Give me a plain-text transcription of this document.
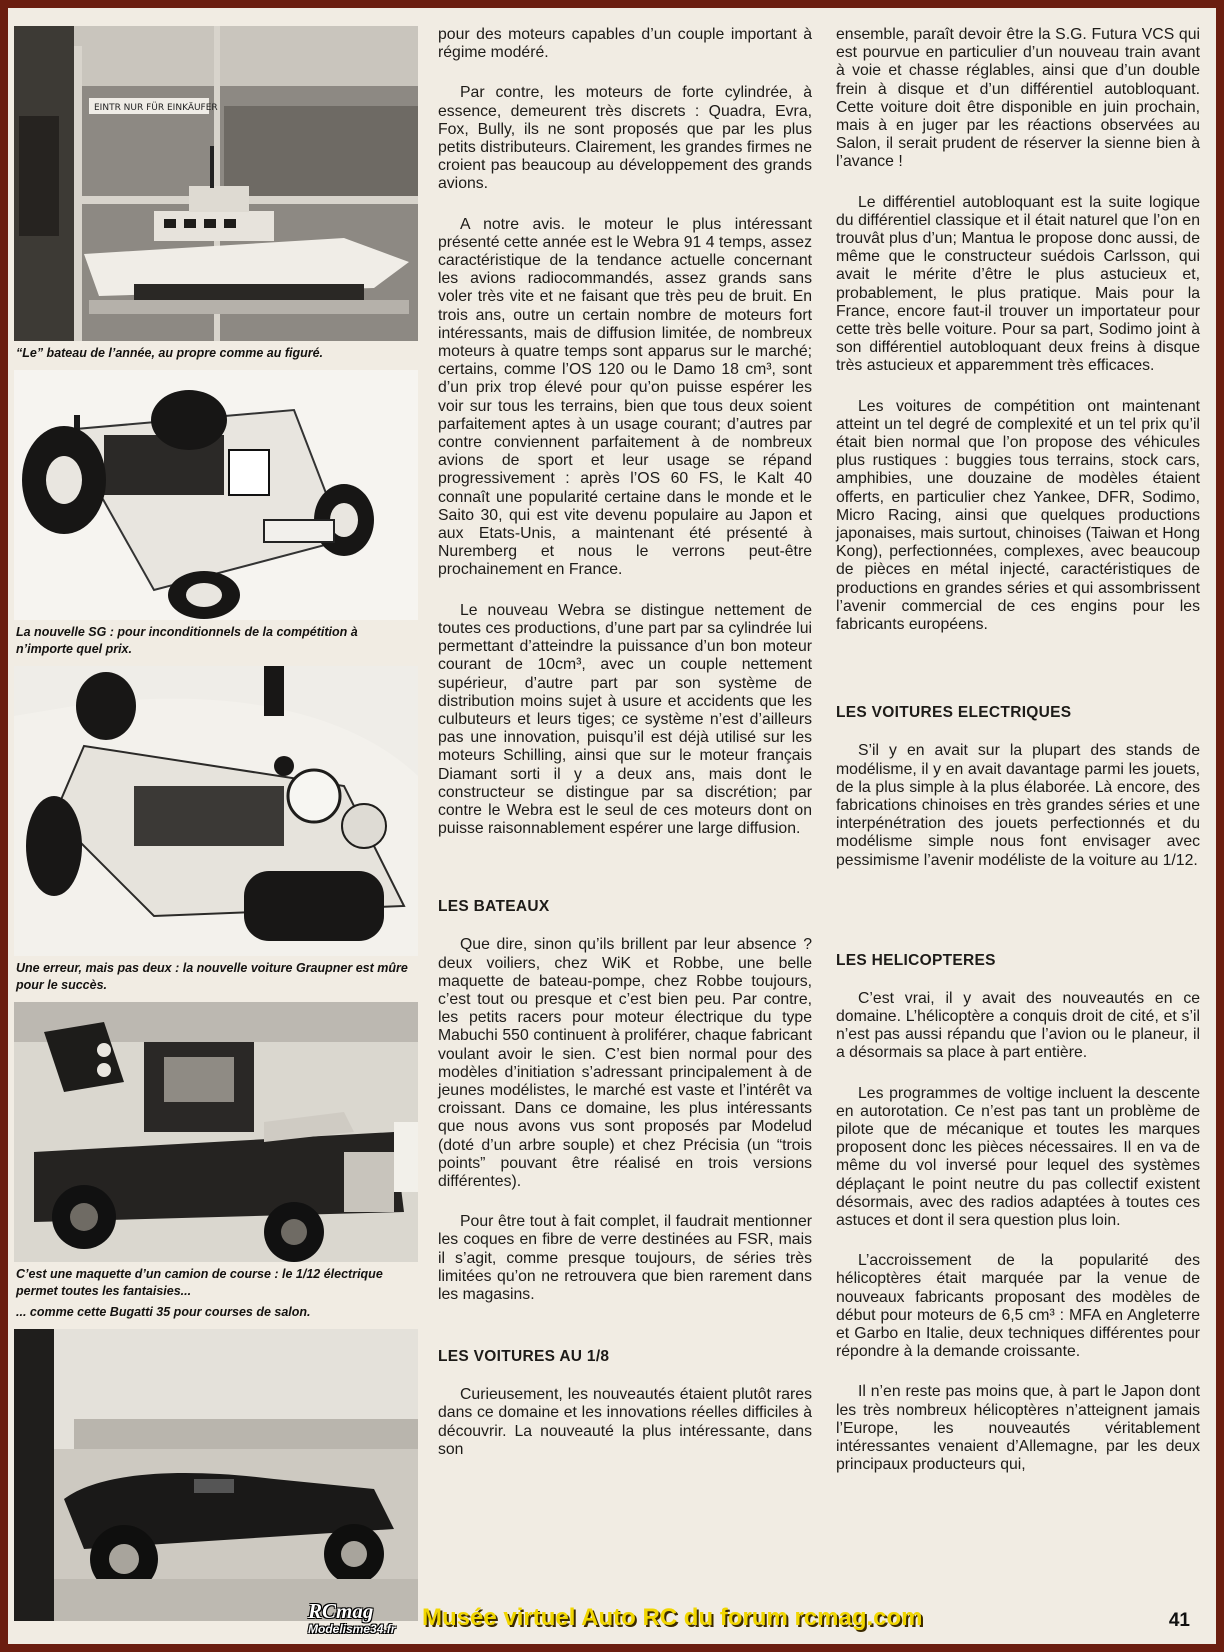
EINTR NUR FÜR EINKÄUFER
“Le” bateau de l’année, au propre comme au figuré.
La nouvelle SG : pour inconditionnels de la compétition à n’importe quel prix.
Une erreur, mais pas deux : la nouvelle voiture Graupner est mûre pour le succès.
C’est une maquette d’un camion de course : le 1/12 électrique permet toutes les fantaisies...
... comme cette Bugatti 35 pour courses de salon.

pour des moteurs capables d’un couple important à régime modéré.

Par contre, les moteurs de forte cylindrée, à essence, demeurent très discrets : Quadra, Evra, Fox, Bully, ils ne sont proposés que par les plus petits distributeurs. Clairement, les grandes firmes ne croient pas beaucoup au développement des grands avions.

A notre avis. le moteur le plus intéressant présenté cette année est le Webra 91 4 temps, assez caractéristique de la tendance actuelle concernant les avions radiocommandés, assez grands sans voler très vite et ne faisant que très peu de bruit. En trois ans, outre un certain nombre de moteurs fort intéressants, mais de diffusion limitée, de nombreux moteurs à quatre temps sont apparus sur le marché; certains, comme l’OS 120 ou le Damo 18 cm³, sont d’un prix trop élevé pour qu’on puisse espérer les voir sur tous les terrains, bien que tous deux soient parfaitement aptes à un usage courant; d’autres par contre conviennent parfaitement à de nombreux avions de sport et leur usage se répand progressivement : après l’OS 60 FS, le Kalt 40 connaît une popularité certaine dans le monde et le Saito 30, qui est vite devenu populaire au Japon et aux Etats-Unis, a maintenant été présenté à Nuremberg et nous le verrons peut-être prochainement en France.

Le nouveau Webra se distingue nettement de toutes ces productions, d’une part par sa cylindrée lui permettant d’atteindre la puissance d’un bon moteur courant de 10cm³, avec un couple nettement supérieur, d’autre part par son système de distribution moins sujet à usure et accidents que les culbuteurs et leurs tiges; ce système n’est d’ailleurs pas une innovation, puisqu’il est déjà utilisé sur les moteurs Schilling, ainsi que sur le moteur français Diamant sorti il y a deux ans, mais dont le constructeur se distingue par sa discrétion; par contre le Webra est le seul de ces moteurs dont on puisse raisonnablement espérer une large diffusion.

LES BATEAUX

Que dire, sinon qu’ils brillent par leur absence ? deux voiliers, chez WiK et Robbe, une belle maquette de bateau-pompe, chez Robbe toujours, c’est tout ou presque et c’est bien peu. Par contre, les petits racers pour moteur électrique du type Mabuchi 550 continuent à proliférer, chaque fabricant voulant avoir le sien. C’est bien normal pour des modèles d’initiation s’adressant principalement à de jeunes modélistes, le marché est vaste et l’intérêt va croissant. Dans ce domaine, les plus intéressants que nous avons vus sont proposés par Modelud (doté d’un arbre souple) et chez Précisia (un “trois points” pouvant être réalisé en trois versions différentes).

Pour être tout à fait complet, il faudrait mentionner les coques en fibre de verre destinées au FSR, mais il s’agit, comme presque toujours, de séries très limitées qu’on ne retrouvera que bien rarement dans les magasins.

LES VOITURES AU 1/8

Curieusement, les nouveautés étaient plutôt rares dans ce domaine et les innovations réelles difficiles à découvrir. La nouveauté la plus intéressante, dans son

ensemble, paraît devoir être la S.G. Futura VCS qui est pourvue en particulier d’un nouveau train avant à voie et chasse réglables, ainsi que d’un double frein à disque et d’un différentiel autobloquant. Cette voiture doit être disponible en juin prochain, mais à en juger par les réactions observées au Salon, il serait prudent de réserver la sienne bien à l’avance !

Le différentiel autobloquant est la suite logique du différentiel classique et il était naturel que l’on en trouvât plus d’un; Mantua le propose donc aussi, de même que le constructeur suédois Carlsson, qui avait le mérite d’être le plus astucieux et, probablement, le plus pratique. Mais pour la France, encore faut-il trouver un importateur pour cette très belle voiture. Pour sa part, Sodimo joint à son différentiel autobloquant deux freins à disque très astucieux et apparemment très efficaces.

Les voitures de compétition ont maintenant atteint un tel degré de complexité et un tel prix qu’il était bien normal que l’on propose des véhicules plus rustiques : buggies tous terrains, stock cars, amphibies, une douzaine de modèles étaient offerts, en particulier chez Yankee, DFR, Sodimo, Micro Racing, ainsi que quelques productions japonaises, mais surtout, chinoises (Taiwan et Hong Kong), perfectionnées, complexes, avec beaucoup de pièces en métal injecté, caractéristiques de productions en grandes séries et qui assombrissent l’avenir commercial de ces engins pour les fabricants européens.

LES VOITURES ELECTRIQUES

S’il y en avait sur la plupart des stands de modélisme, il y en avait davantage parmi les jouets, de la plus simple à la plus élaborée. Là encore, des fabrications chinoises en très grandes séries et une interpénétration des jouets perfectionnés et du modélisme simple nous font envisager avec pessimisme l’avenir modéliste de la voiture au 1/12.

LES HELICOPTERES

C’est vrai, il y avait des nouveautés en ce domaine. L’hélicoptère a conquis droit de cité, et s’il n’est pas aussi répandu que l’avion ou le planeur, il a désormais sa place à part entière.

Les programmes de voltige incluent la descente en autorotation. Ce n’est pas tant un problème de pilote que de mécanique et toutes les marques proposent donc les pièces nécessaires. Il en va de même du vol inversé pour lequel des systèmes déplaçant le point neutre du pas collectif existent désormais, avec des radios adaptées à toutes ces astuces et dont il sera question plus loin.

L’accroissement de la popularité des hélicoptères était marquée par la venue de nouveaux fabricants proposant des modèles de début pour moteurs de 6,5 cm³ : MFA en Angleterre et Garbo en Italie, deux techniques différentes pour répondre à la demande croissante.

Il n’en reste pas moins que, à part le Japon dont les très nombreux hélicoptères n’atteignent jamais l’Europe, les nouveautés véritablement intéressantes venaient d’Allemagne, par les deux principaux producteurs qui,

RCmag
Modelisme34.fr Musée virtuel Auto RC du forum rcmag.com	41
